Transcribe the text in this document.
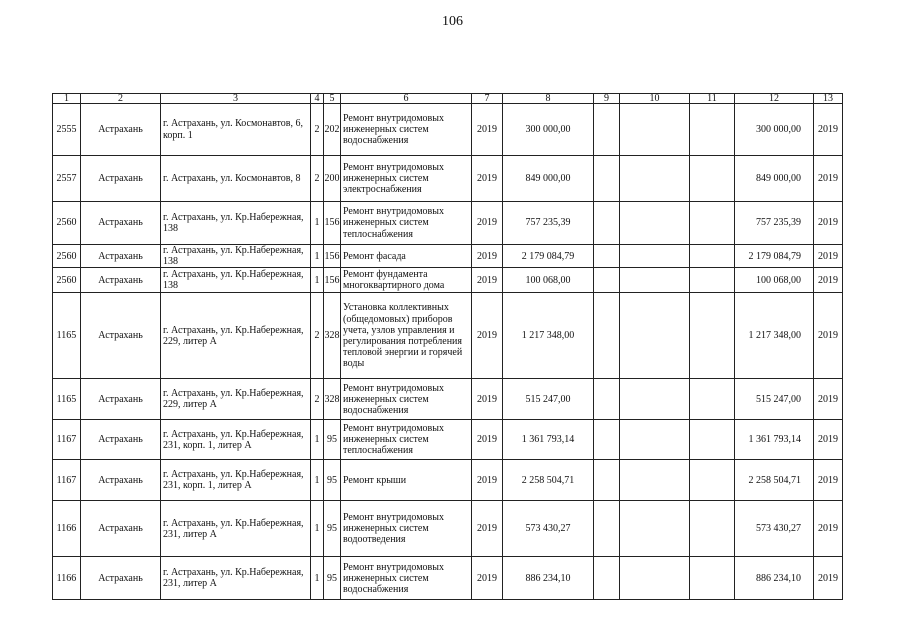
106
1	2	3	4	5	6	7	8	9	10	11	12	13
2555	Астрахань	г. Астрахань, ул. Космонавтов, 6, корп. 1	2	202	Ремонт внутридомовых инженерных систем водоснабжения	2019	300 000,00				300 000,00	2019
2557	Астрахань	г. Астрахань, ул. Космонавтов, 8	2	200	Ремонт внутридомовых инженерных систем электроснабжения	2019	849 000,00				849 000,00	2019
2560	Астрахань	г. Астрахань, ул. Кр.Набережная, 138	1	156	Ремонт внутридомовых инженерных систем теплоснабжения	2019	757 235,39				757 235,39	2019
2560	Астрахань	г. Астрахань, ул. Кр.Набережная, 138	1	156	Ремонт фасада	2019	2 179 084,79				2 179 084,79	2019
2560	Астрахань	г. Астрахань, ул. Кр.Набережная, 138	1	156	Ремонт фундамента многоквартирного дома	2019	100 068,00				100 068,00	2019
1165	Астрахань	г. Астрахань, ул. Кр.Набережная, 229, литер А	2	328	Установка коллективных (общедомовых) приборов учета, узлов управления и регулирования потребления тепловой энергии и горячей воды	2019	1 217 348,00				1 217 348,00	2019
1165	Астрахань	г. Астрахань, ул. Кр.Набережная, 229, литер А	2	328	Ремонт внутридомовых инженерных систем водоснабжения	2019	515 247,00				515 247,00	2019
1167	Астрахань	г. Астрахань, ул. Кр.Набережная, 231, корп. 1, литер А	1	95	Ремонт внутридомовых инженерных систем теплоснабжения	2019	1 361 793,14				1 361 793,14	2019
1167	Астрахань	г. Астрахань, ул. Кр.Набережная, 231, корп. 1, литер А	1	95	Ремонт крыши	2019	2 258 504,71				2 258 504,71	2019
1166	Астрахань	г. Астрахань, ул. Кр.Набережная, 231, литер А	1	95	Ремонт внутридомовых инженерных систем водоотведения	2019	573 430,27				573 430,27	2019
1166	Астрахань	г. Астрахань, ул. Кр.Набережная, 231, литер А	1	95	Ремонт внутридомовых инженерных систем водоснабжения	2019	886 234,10				886 234,10	2019
